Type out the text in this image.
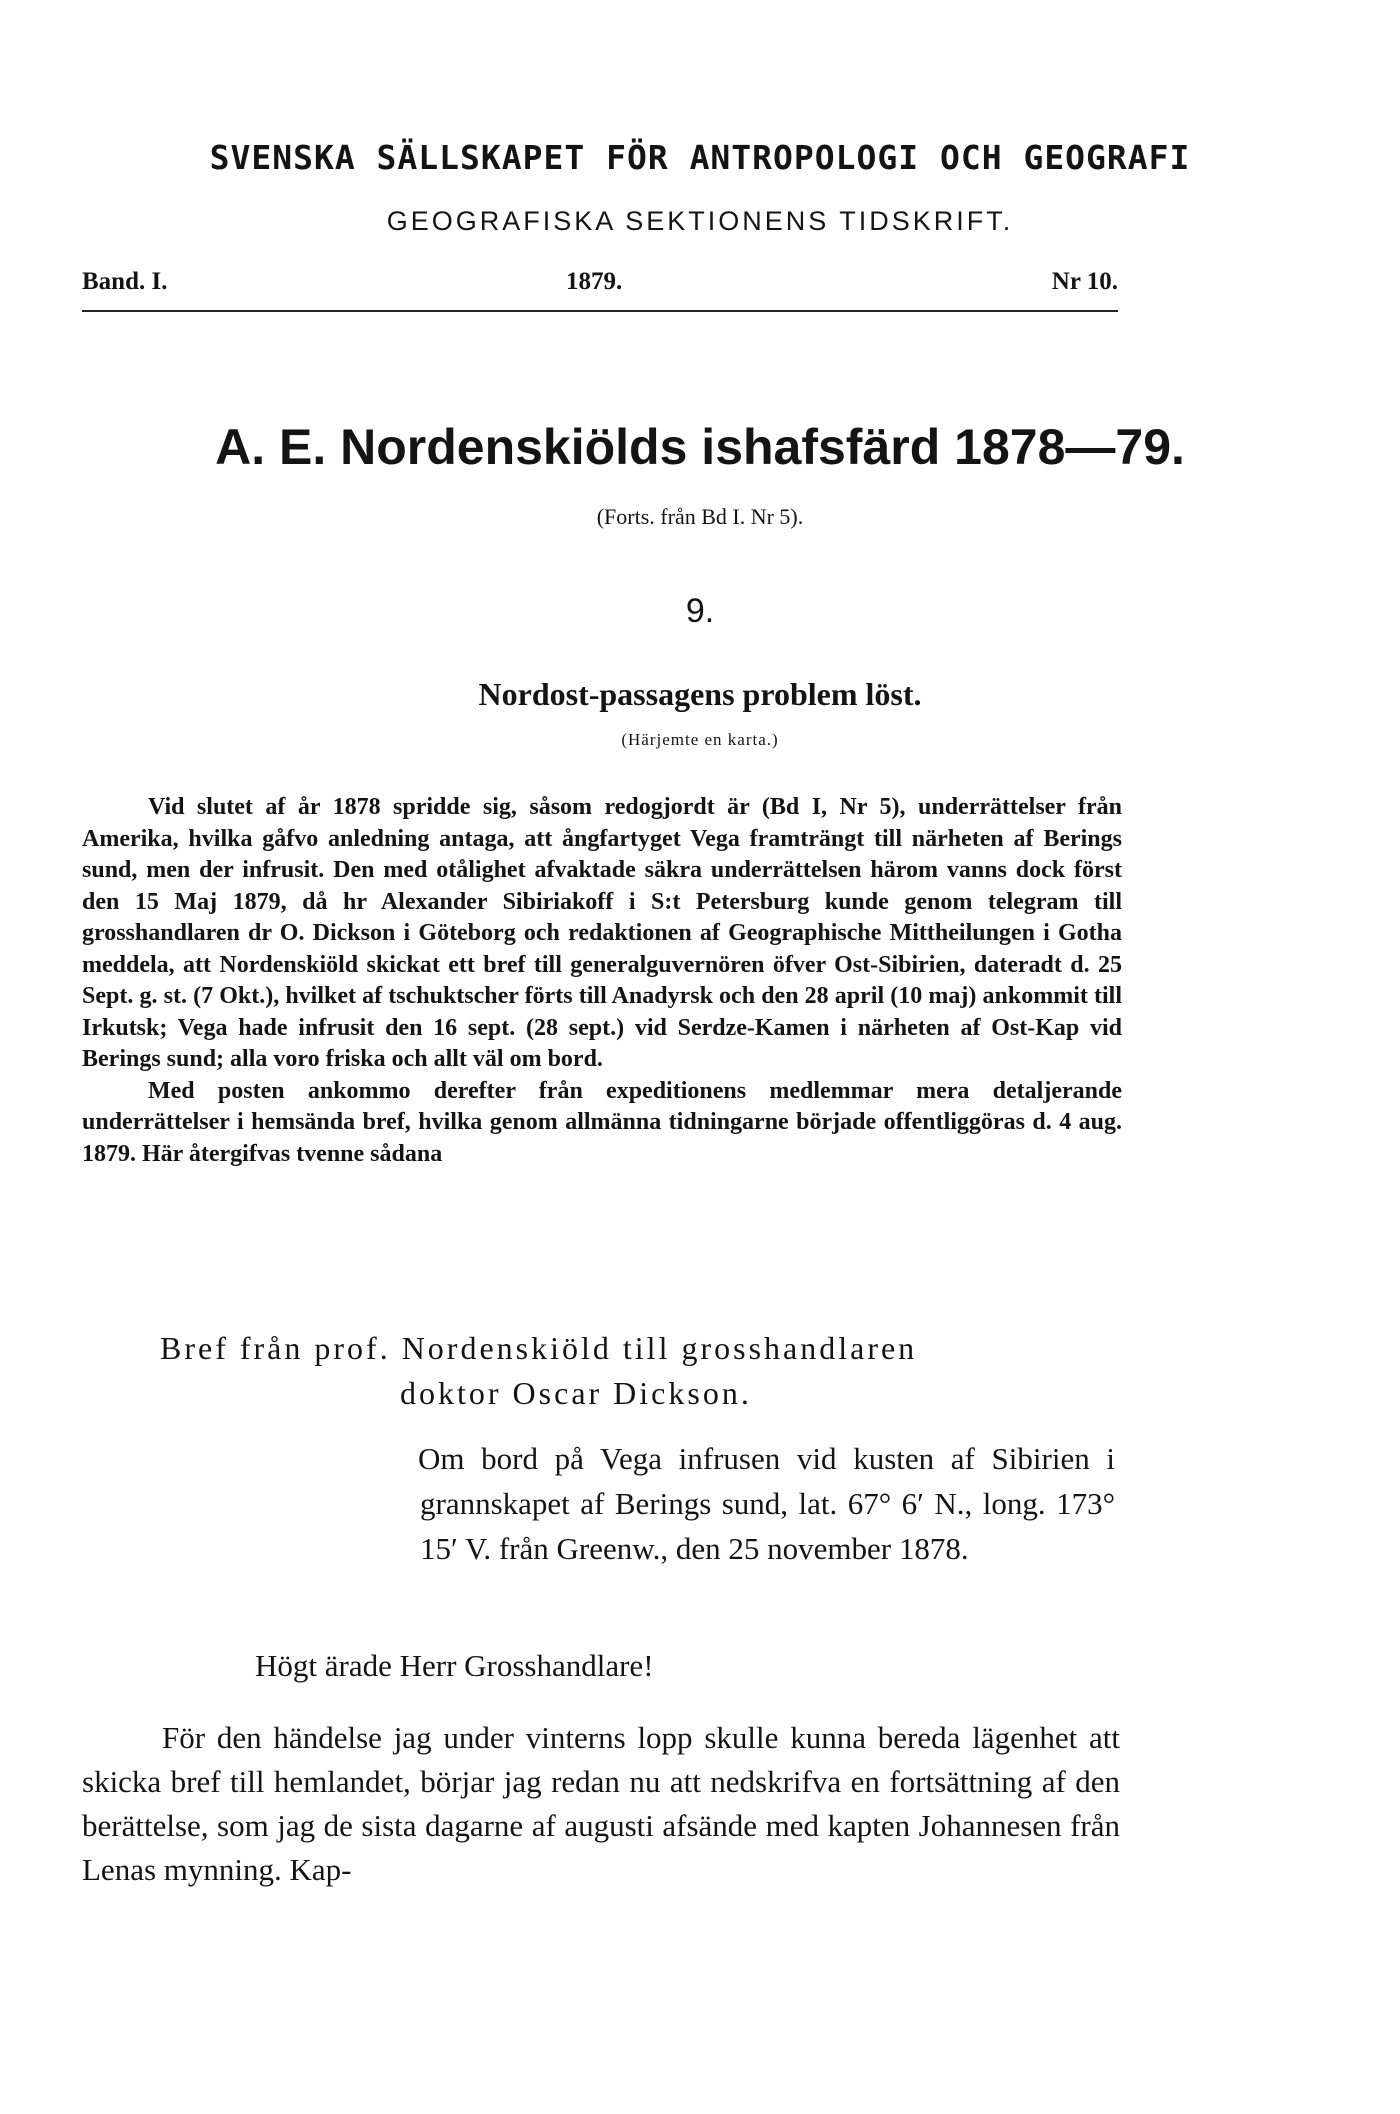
SVENSKA SÄLLSKAPET FÖR ANTROPOLOGI OCH GEOGRAFI
GEOGRAFISKA SEKTIONENS TIDSKRIFT.
Band. I.	1879.	Nr 10.
A. E. Nordenskiölds ishafsfärd 1878—79.
(Forts. från Bd I. Nr 5).
9.
Nordost-passagens problem löst.
(Härjemte en karta.)

Vid slutet af år 1878 spridde sig, såsom redogjordt är (Bd I, Nr 5), underrättelser från Amerika, hvilka gåfvo anledning antaga, att ångfartyget Vega framträngt till närheten af Berings sund, men der infrusit. Den med otålighet afvaktade säkra underrättelsen härom vanns dock först den 15 Maj 1879, då hr Alexander Sibiriakoff i S:t Petersburg kunde genom telegram till grosshandlaren dr O. Dickson i Göteborg och redaktionen af Geographische Mittheilungen i Gotha meddela, att Nordenskiöld skickat ett bref till generalguvernören öfver Ost-Sibirien, dateradt d. 25 Sept. g. st. (7 Okt.), hvilket af tschuktscher förts till Anadyrsk och den 28 april (10 maj) ankommit till Irkutsk; Vega hade infrusit den 16 sept. (28 sept.) vid Serdze-Kamen i närheten af Ost-Kap vid Berings sund; alla voro friska och allt väl om bord.

Med posten ankommo derefter från expeditionens medlemmar mera detaljerande underrättelser i hemsända bref, hvilka genom allmänna tidningarne började offentliggöras d. 4 aug. 1879. Här återgifvas tvenne sådana

Bref från prof. Nordenskiöld till grosshandlaren
doktor Oscar Dickson.
Om bord på Vega infrusen vid kusten af Sibirien i grannskapet af Berings sund, lat. 67° 6′ N., long. 173° 15′ V. från Greenw., den 25 november 1878.
Högt ärade Herr Grosshandlare!

För den händelse jag under vinterns lopp skulle kunna bereda lägenhet att skicka bref till hemlandet, börjar jag redan nu att nedskrifva en fortsättning af den berättelse, som jag de sista dagarne af augusti afsände med kapten Johannesen från Lenas mynning. Kap-
